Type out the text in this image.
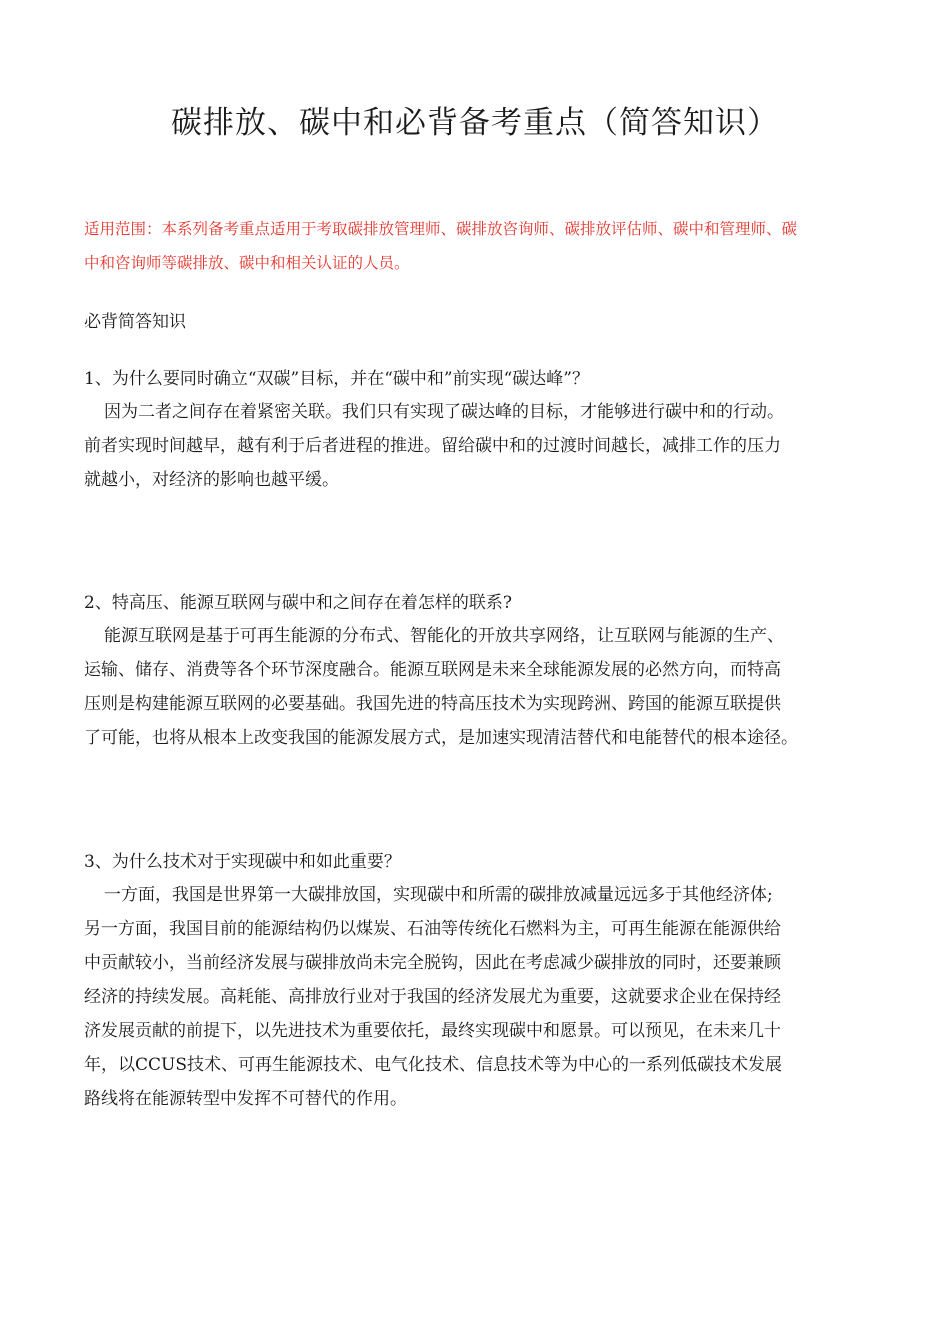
碳排放、碳中和必背备考重点（简答知识）
适用范围：本系列备考重点适用于考取碳排放管理师、碳排放咨询师、碳排放评估师、碳中和管理师、碳
中和咨询师等碳排放、碳中和相关认证的人员。
必背简答知识

1、为什么要同时确立“双碳”目标，并在“碳中和”前实现“碳达峰”？

因为二者之间存在着紧密关联。我们只有实现了碳达峰的目标，才能够进行碳中和的行动。
前者实现时间越早，越有利于后者进程的推进。留给碳中和的过渡时间越长，减排工作的压力
就越小，对经济的影响也越平缓。

2、特高压、能源互联网与碳中和之间存在着怎样的联系?

能源互联网是基于可再生能源的分布式、智能化的开放共享网络，让互联网与能源的生产、
运输、储存、消费等各个环节深度融合。能源互联网是未来全球能源发展的必然方向，而特高
压则是构建能源互联网的必要基础。我国先进的特高压技术为实现跨洲、跨国的能源互联提供
了可能，也将从根本上改变我国的能源发展方式，是加速实现清洁替代和电能替代的根本途径。

3、为什么技术对于实现碳中和如此重要？

一方面，我国是世界第一大碳排放国，实现碳中和所需的碳排放减量远远多于其他经济体;
另一方面，我国目前的能源结构仍以煤炭、石油等传统化石燃料为主，可再生能源在能源供给
中贡献较小，当前经济发展与碳排放尚未完全脱钩，因此在考虑减少碳排放的同时，还要兼顾
经济的持续发展。高耗能、高排放行业对于我国的经济发展尤为重要，这就要求企业在保持经
济发展贡献的前提下，以先进技术为重要依托，最终实现碳中和愿景。可以预见，在未来几十
年，以CCUS技术、可再生能源技术、电气化技术、信息技术等为中心的一系列低碳技术发展
路线将在能源转型中发挥不可替代的作用。
